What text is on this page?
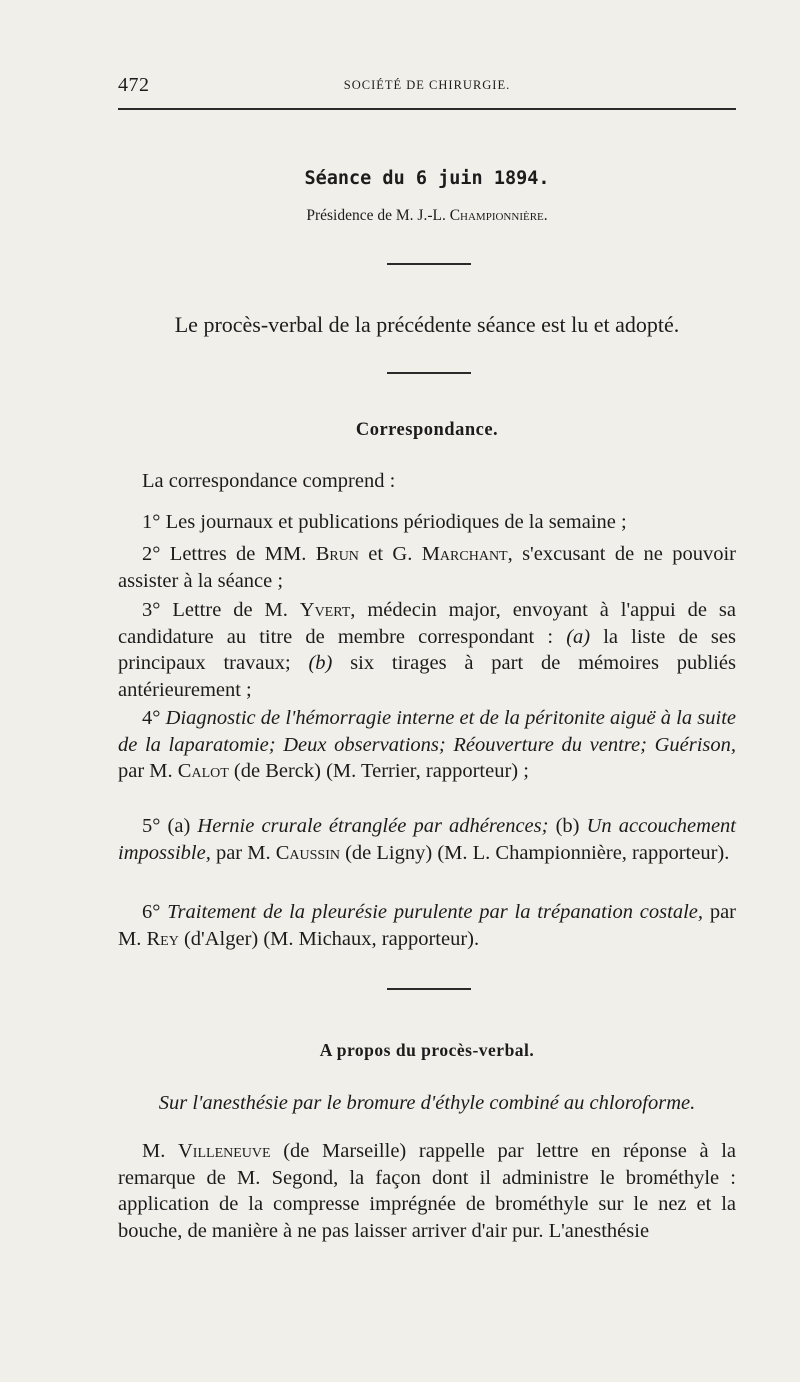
472	SOCIÉTÉ DE CHIRURGIE.
Séance du 6 juin 1894.
Présidence de M. J.-L. Championnière.
Le procès-verbal de la précédente séance est lu et adopté.
Correspondance.

La correspondance comprend :

1° Les journaux et publications périodiques de la semaine ;

2° Lettres de MM. Brun et G. Marchant, s'excusant de ne pouvoir assister à la séance ;

3° Lettre de M. Yvert, médecin major, envoyant à l'appui de sa candidature au titre de membre correspondant : (a) la liste de ses principaux travaux; (b) six tirages à part de mémoires publiés antérieurement ;

4° Diagnostic de l'hémorragie interne et de la péritonite aiguë à la suite de la laparatomie; Deux observations; Réouverture du ventre; Guérison, par M. Calot (de Berck) (M. Terrier, rapporteur) ;

5° (a) Hernie crurale étranglée par adhérences; (b) Un accouchement impossible, par M. Caussin (de Ligny) (M. L. Championnière, rapporteur).

6° Traitement de la pleurésie purulente par la trépanation costale, par M. Rey (d'Alger) (M. Michaux, rapporteur).

A propos du procès-verbal.
Sur l'anesthésie par le bromure d'éthyle combiné au chloroforme.

M. Villeneuve (de Marseille) rappelle par lettre en réponse à la remarque de M. Segond, la façon dont il administre le brométhyle : application de la compresse imprégnée de brométhyle sur le nez et la bouche, de manière à ne pas laisser arriver d'air pur. L'anesthésie
